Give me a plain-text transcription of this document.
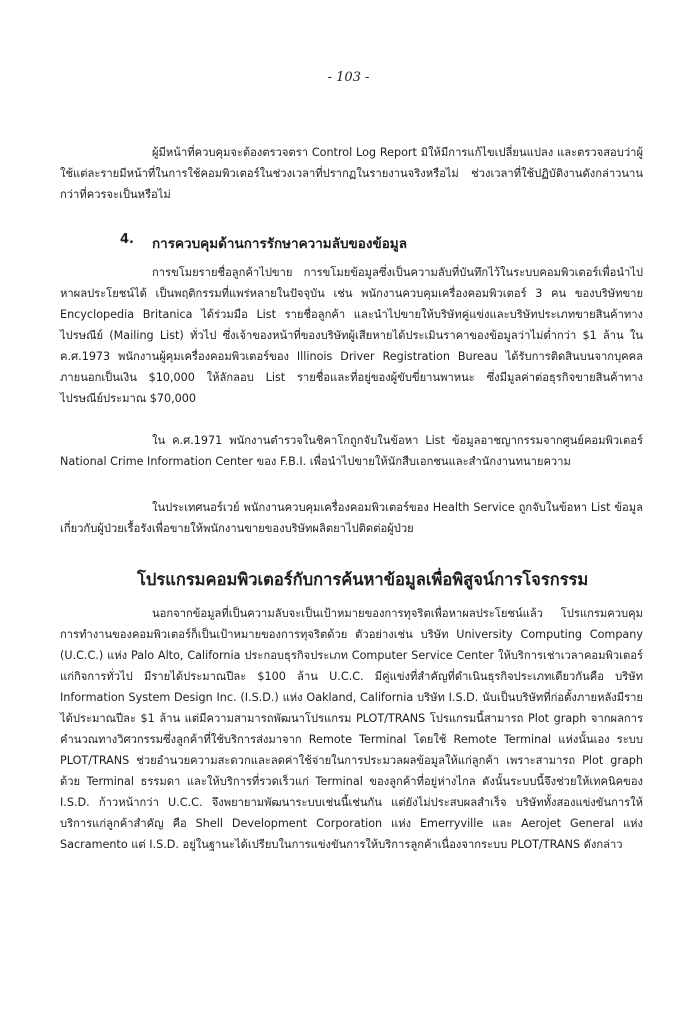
- 103 -

ผู้มีหน้าที่ควบคุมจะต้องตรวจตรา Control Log Report มิให้มีการแก้ไขเปลี่ยนแปลง และตรวจสอบว่าผู้ใช้แต่ละรายมีหน้าที่ในการใช้คอมพิวเตอร์ในช่วงเวลาที่ปรากฏในรายงานจริงหรือไม่ ช่วงเวลาที่ใช้ปฏิบัติงานดังกล่าวนานกว่าที่ควรจะเป็นหรือไม่

4. การควบคุมด้านการรักษาความลับของข้อมูล

การขโมยรายชื่อลูกค้าไปขาย การขโมยข้อมูลซึ่งเป็นความลับที่บันทึกไว้ในระบบคอมพิวเตอร์เพื่อนำไปหาผลประโยชน์ได้ เป็นพฤติกรรมที่แพร่หลายในปัจจุบัน เช่น พนักงานควบคุมเครื่องคอมพิวเตอร์ 3 คน ของบริษัทขาย Encyclopedia Britanica ได้ร่วมมือ List รายชื่อลูกค้า และนำไปขายให้บริษัทคู่แข่งและบริษัทประเภทขายสินค้าทางไปรษณีย์ (Mailing List) ทั่วไป ซึ่งเจ้าของหน้าที่ของบริษัทผู้เสียหายได้ประเมินราคาของข้อมูลว่าไม่ต่ำกว่า $1 ล้าน ใน ค.ศ.1973 พนักงานผู้คุมเครื่องคอมพิวเตอร์ของ Illinois Driver Registration Bureau ได้รับการติดสินบนจากบุคคลภายนอกเป็นเงิน $10,000 ให้ลักลอบ List รายชื่อและที่อยู่ของผู้ขับขี่ยานพาหนะ ซึ่งมีมูลค่าต่อธุรกิจขายสินค้าทางไปรษณีย์ประมาณ $70,000

ใน ค.ศ.1971 พนักงานตำรวจในชิคาโกถูกจับในข้อหา List ข้อมูลอาชญากรรมจากศูนย์คอมพิวเตอร์ National Crime Information Center ของ F.B.I. เพื่อนำไปขายให้นักสืบเอกชนและสำนักงานทนายความ

ในประเทศนอร์เวย์ พนักงานควบคุมเครื่องคอมพิวเตอร์ของ Health Service ถูกจับในข้อหา List ข้อมูลเกี่ยวกับผู้ป่วยเรื้อรังเพื่อขายให้พนักงานขายของบริษัทผลิตยาไปติดต่อผู้ป่วย

โปรแกรมคอมพิวเตอร์กับการค้นหาข้อมูลเพื่อพิสูจน์การโจรกรรม

นอกจากข้อมูลที่เป็นความลับจะเป็นเป้าหมายของการทุจริตเพื่อหาผลประโยชน์แล้ว โปรแกรมควบคุมการทำงานของคอมพิวเตอร์ก็เป็นเป้าหมายของการทุจริตด้วย ตัวอย่างเช่น บริษัท University Computing Company (U.C.C.) แห่ง Palo Alto, California ประกอบธุรกิจประเภท Computer Service Center ให้บริการเช่าเวลาคอมพิวเตอร์แก่กิจการทั่วไป มีรายได้ประมาณปีละ $100 ล้าน U.C.C. มีคู่แข่งที่สำคัญที่ดำเนินธุรกิจประเภทเดียวกันคือ บริษัท Information System Design Inc. (I.S.D.) แห่ง Oakland, California บริษัท I.S.D. นับเป็นบริษัทที่ก่อตั้งภายหลังมีรายได้ประมาณปีละ $1 ล้าน แต่มีความสามารถพัฒนาโปรแกรม PLOT/TRANS โปรแกรมนี้สามารถ Plot graph จากผลการคำนวณทางวิศวกรรมซึ่งลูกค้าที่ใช้บริการส่งมาจาก Remote Terminal โดยใช้ Remote Terminal แห่งนั้นเอง ระบบ PLOT/TRANS ช่วยอำนวยความสะดวกและลดค่าใช้จ่ายในการประมวลผลข้อมูลให้แก่ลูกค้า เพราะสามารถ Plot graph ด้วย Terminal ธรรมดา และให้บริการที่รวดเร็วแก่ Terminal ของลูกค้าที่อยู่ห่างไกล ดังนั้นระบบนี้จึงช่วยให้เทคนิคของ I.S.D. ก้าวหน้ากว่า U.C.C. จึงพยายามพัฒนาระบบเช่นนี้เช่นกัน แต่ยังไม่ประสบผลสำเร็จ บริษัททั้งสองแข่งขันการให้บริการแก่ลูกค้าสำคัญ คือ Shell Development Corporation แห่ง Emerryville และ Aerojet General แห่ง Sacramento แต่ I.S.D. อยู่ในฐานะได้เปรียบในการแข่งขันการให้บริการลูกค้าเนื่องจากระบบ PLOT/TRANS ดังกล่าว
